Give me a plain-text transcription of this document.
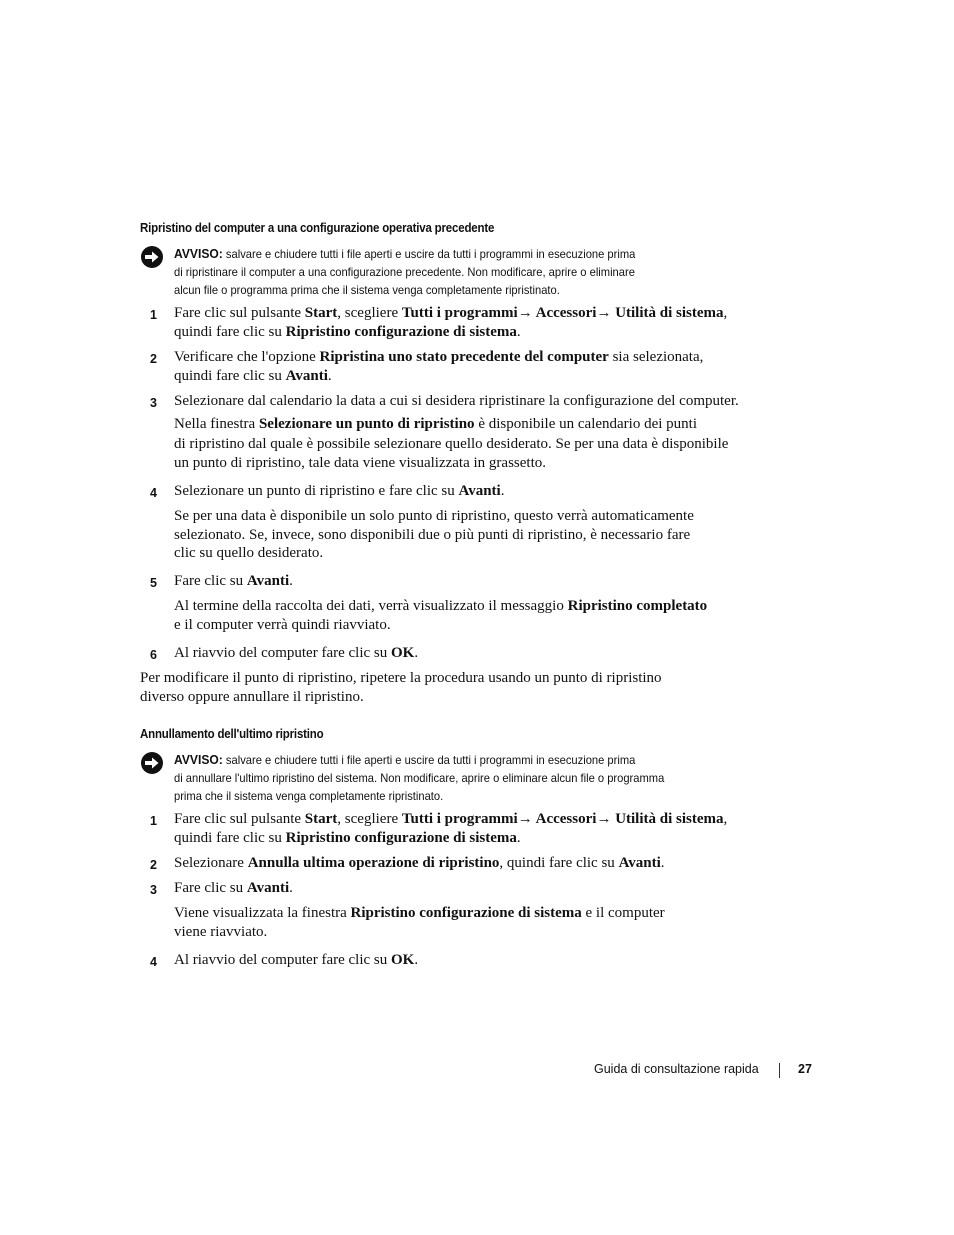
Ripristino del computer a una configurazione operativa precedente
AVVISO: salvare e chiudere tutti i file aperti e uscire da tutti i programmi in esecuzione prima
di ripristinare il computer a una configurazione precedente. Non modificare, aprire o eliminare
alcun file o programma prima che il sistema venga completamente ripristinato.
1 Fare clic sul pulsante Start, scegliere Tutti i programmi→ Accessori→ Utilità di sistema,
quindi fare clic su Ripristino configurazione di sistema.
2 Verificare che l'opzione Ripristina uno stato precedente del computer sia selezionata,
quindi fare clic su Avanti.
3 Selezionare dal calendario la data a cui si desidera ripristinare la configurazione del computer.
Nella finestra Selezionare un punto di ripristino è disponibile un calendario dei punti
di ripristino dal quale è possibile selezionare quello desiderato. Se per una data è disponibile
un punto di ripristino, tale data viene visualizzata in grassetto.
4 Selezionare un punto di ripristino e fare clic su Avanti.
Se per una data è disponibile un solo punto di ripristino, questo verrà automaticamente
selezionato. Se, invece, sono disponibili due o più punti di ripristino, è necessario fare
clic su quello desiderato.
5 Fare clic su Avanti.
Al termine della raccolta dei dati, verrà visualizzato il messaggio Ripristino completato
e il computer verrà quindi riavviato.
6 Al riavvio del computer fare clic su OK.
Per modificare il punto di ripristino, ripetere la procedura usando un punto di ripristino
diverso oppure annullare il ripristino.
Annullamento dell'ultimo ripristino
AVVISO: salvare e chiudere tutti i file aperti e uscire da tutti i programmi in esecuzione prima
di annullare l'ultimo ripristino del sistema. Non modificare, aprire o eliminare alcun file o programma
prima che il sistema venga completamente ripristinato.
1 Fare clic sul pulsante Start, scegliere Tutti i programmi→ Accessori→ Utilità di sistema,
quindi fare clic su Ripristino configurazione di sistema.
2 Selezionare Annulla ultima operazione di ripristino, quindi fare clic su Avanti.
3 Fare clic su Avanti.
Viene visualizzata la finestra Ripristino configurazione di sistema e il computer
viene riavviato.
4 Al riavvio del computer fare clic su OK.
Guida di consultazione rapida	27
